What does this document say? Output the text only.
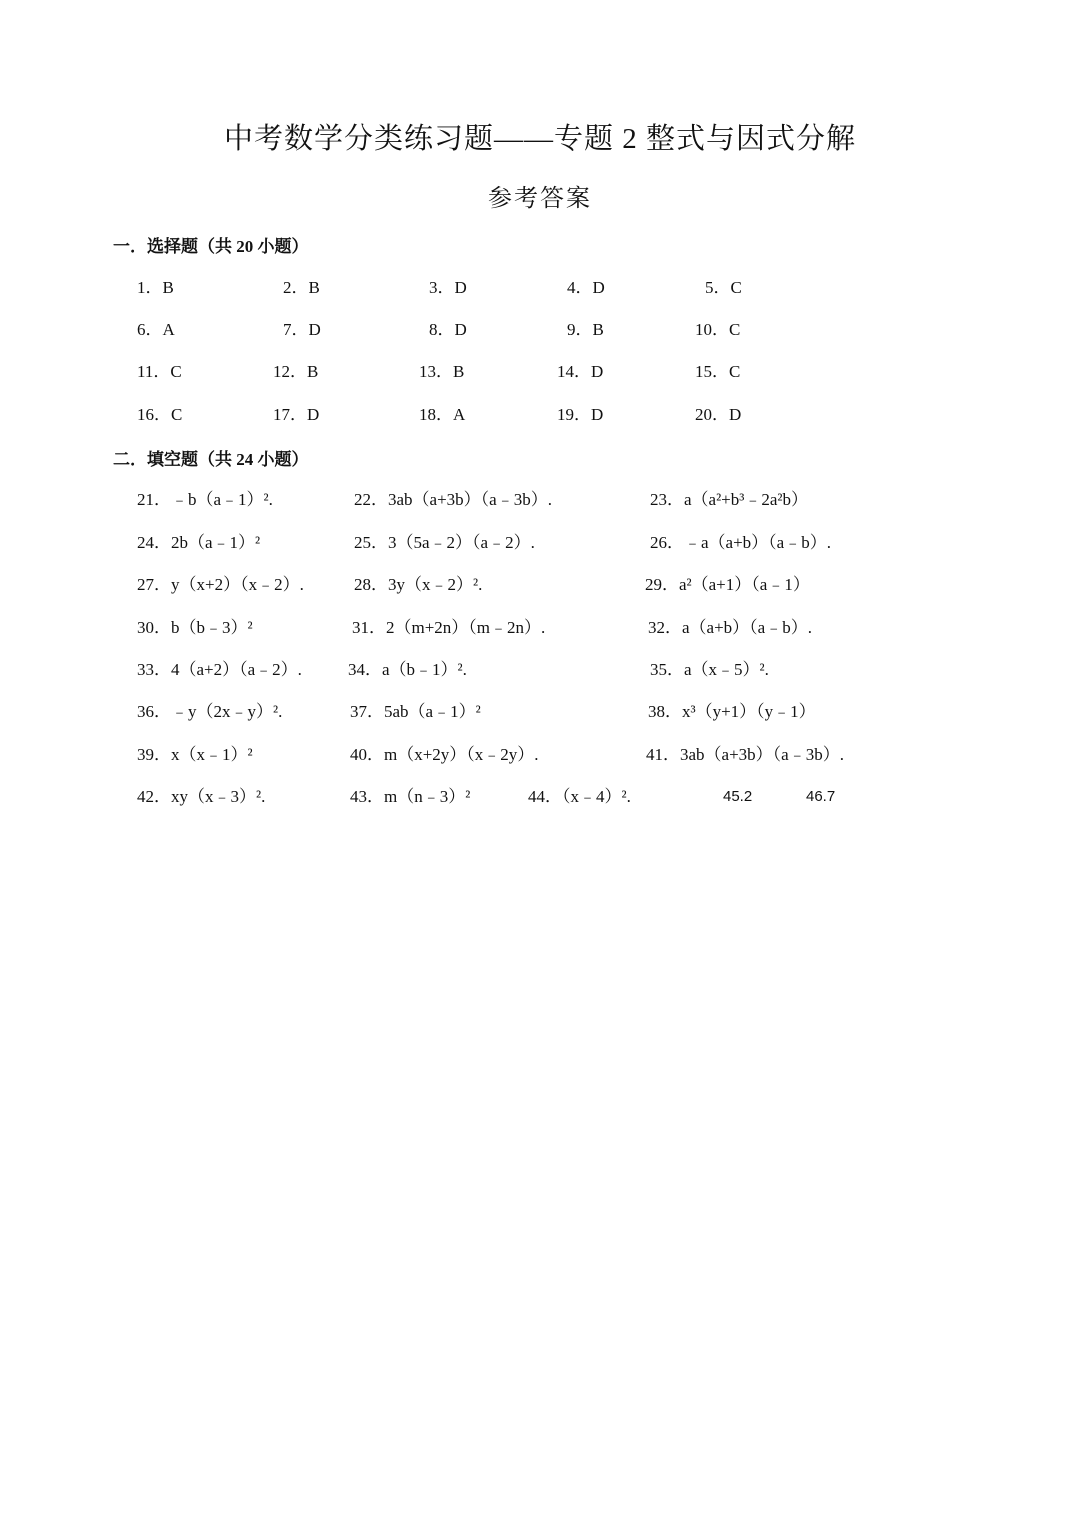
中考数学分类练习题——专题 2 整式与因式分解
参考答案
一．选择题（共 20 小题）
1．B	2．B	3．D	4．D	5．C
6．A	7．D	8．D	9．B	10．C
11．C	12．B	13．B	14．D	15．C
16．C	17．D	18．A	19．D	20．D
二．填空题（共 24 小题）
21．﹣b（a﹣1）².	22．3ab（a+3b）（a﹣3b）.	23．a（a²+b³﹣2a²b）
24．2b（a﹣1）²	25．3（5a﹣2）（a﹣2）.	26．﹣a（a+b）（a﹣b）.
27．y（x+2）（x﹣2）.	28．3y（x﹣2）².	29．a²（a+1）（a﹣1）
30．b（b﹣3）²	31．2（m+2n）（m﹣2n）.	32．a（a+b）（a﹣b）.
33．4（a+2）（a﹣2）.	34．a（b﹣1）².	35．a（x﹣5）².
36．﹣y（2x﹣y）².	37．5ab（a﹣1）²	38．x³（y+1）（y﹣1）
39．x（x﹣1）²	40．m（x+2y）（x﹣2y）.	41．3ab（a+3b）（a﹣3b）.
42．xy（x﹣3）².	43．m（n﹣3）²	44．（x﹣4）².	45.2	46.7
